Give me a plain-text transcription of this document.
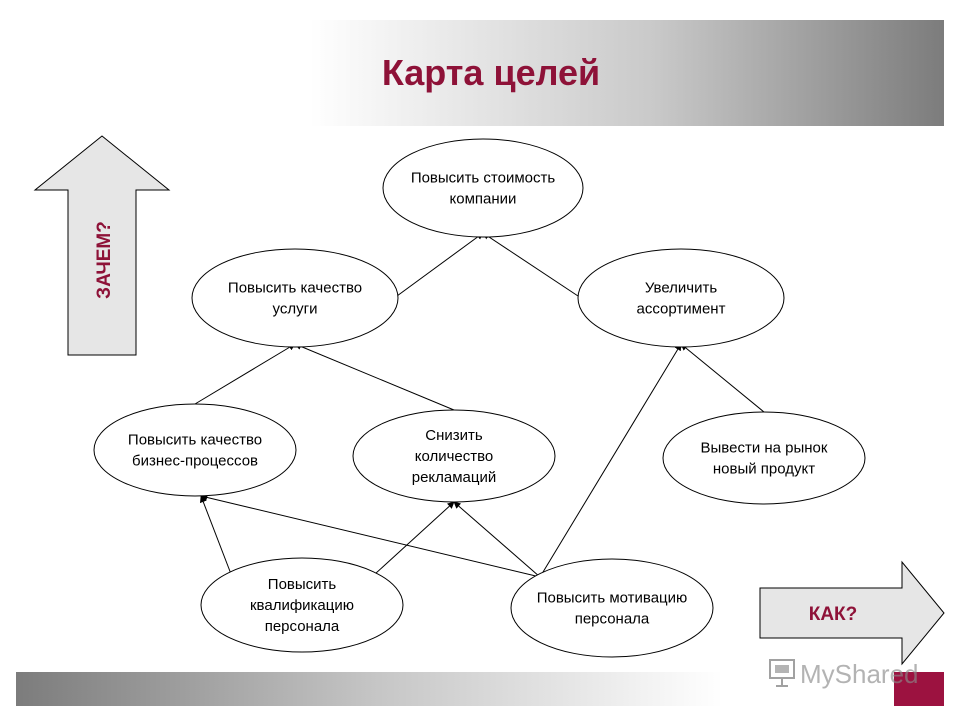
Карта целей
ЗАЧЕМ?
КАК?
Повысить стоимость
компании
Повысить качество
услуги
Увеличить
ассортимент
Повысить качество
бизнес-процессов
Снизить
количество
рекламаций
Вывести на рынок
новый продукт
Повысить
квалификацию
персонала
Повысить мотивацию
персонала
MyShared
